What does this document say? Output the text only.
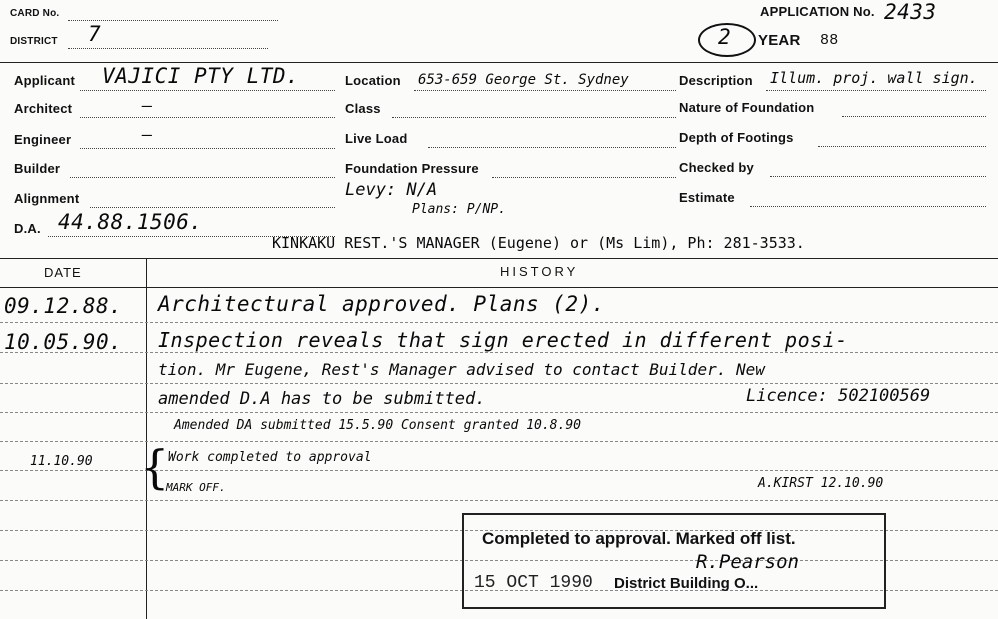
CARD No.
DISTRICT 7
APPLICATION No. 2433
2 YEAR 88
Applicant VAJICI PTY LTD.
Architect	–
Engineer	–
Builder
Alignment
D.A. 44.88.1506.
Location 653-659 George St. Sydney
Class
Live Load
Foundation Pressure
Levy: N/A
Plans: P/NP.
Description Illum. proj. wall sign.
Nature of Foundation
Depth of Footings
Checked by
Estimate
KINKAKU REST.'S MANAGER (Eugene) or (Ms Lim), Ph: 281-3533.
DATE	HISTORY
09.12.88. Architectural approved. Plans (2).
10.05.90. Inspection reveals that sign erected in different posi-
tion. Mr Eugene, Rest's Manager advised to contact Builder. New
amended D.A has to be submitted.	Licence: 502100569
Amended DA submitted 15.5.90 Consent granted 10.8.90
11.10.90 {
Work completed to approval
MARK OFF.	A.KIRST 12.10.90
Completed to approval. Marked off list.
R.Pearson
15 OCT 1990 District Building O...
